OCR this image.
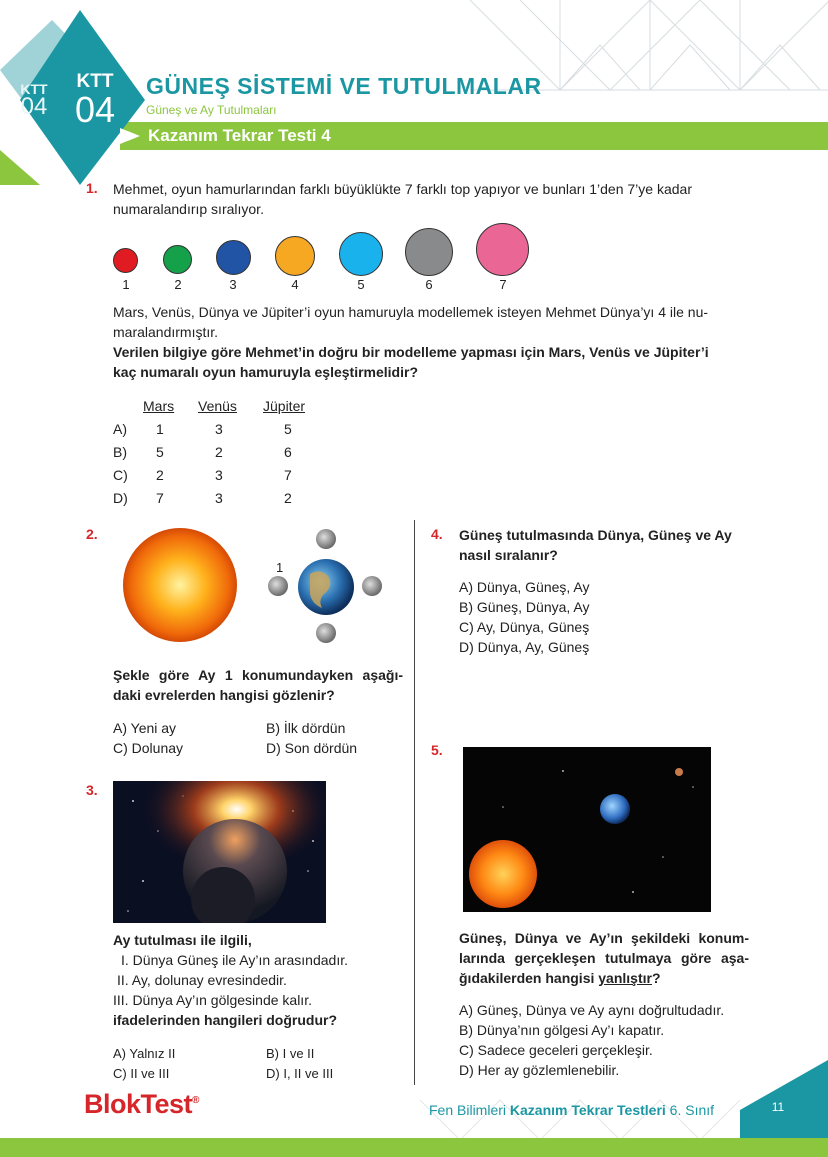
KTT
04
KTT
04
GÜNEŞ SİSTEMİ VE TUTULMALAR
Güneş ve Ay Tutulmaları
Kazanım Tekrar Testi 4
1. Mehmet, oyun hamurlarından farklı büyüklükte 7 farklı top yapıyor ve bunları 1’den 7’ye kadar
numaralandırıp sıralıyor.
1	2	3	4	5	6	7
Mars, Venüs, Dünya ve Jüpiter’i oyun hamuruyla modellemek isteyen Mehmet Dünya’yı 4 ile nu-
maralandırmıştır.
Verilen bilgiye göre Mehmet’in doğru bir modelleme yapması için Mars, Venüs ve Jüpiter’i
kaç numaralı oyun hamuruyla eşleştirmelidir?
Mars Venüs Jüpiter
A) 1	3	5
B) 5	2	6
C) 2	3	7
D) 7	3	2
2.
1
Şekle göre Ay 1 konumundayken aşağı-
daki evrelerden hangisi gözlenir?
A) Yeni ay	B) İlk dördün
C) Dolunay	D) Son dördün
3.
Ay tutulması ile ilgili,
I. Dünya Güneş ile Ay’ın arasındadır.
II. Ay, dolunay evresindedir.
III. Dünya Ay’ın gölgesinde kalır.
ifadelerinden hangileri doğrudur?
A) Yalnız II	B) I ve II
C) II ve III	D) I, II ve III
4. Güneş tutulmasında Dünya, Güneş ve Ay
nasıl sıralanır?
A) Dünya, Güneş, Ay
B) Güneş, Dünya, Ay
C) Ay, Dünya, Güneş
D) Dünya, Ay, Güneş
5.
Güneş, Dünya ve Ay’ın şekildeki konum-
larında gerçekleşen tutulmaya göre aşa-
ğıdakilerden hangisi yanlıştır?
A) Güneş, Dünya ve Ay aynı doğrultudadır.
B) Dünya’nın gölgesi Ay’ı kapatır.
C) Sadece geceleri gerçekleşir.
D) Her ay gözlemlenebilir.
BlokTest®
Fen Bilimleri Kazanım Tekrar Testleri 6. Sınıf	11
